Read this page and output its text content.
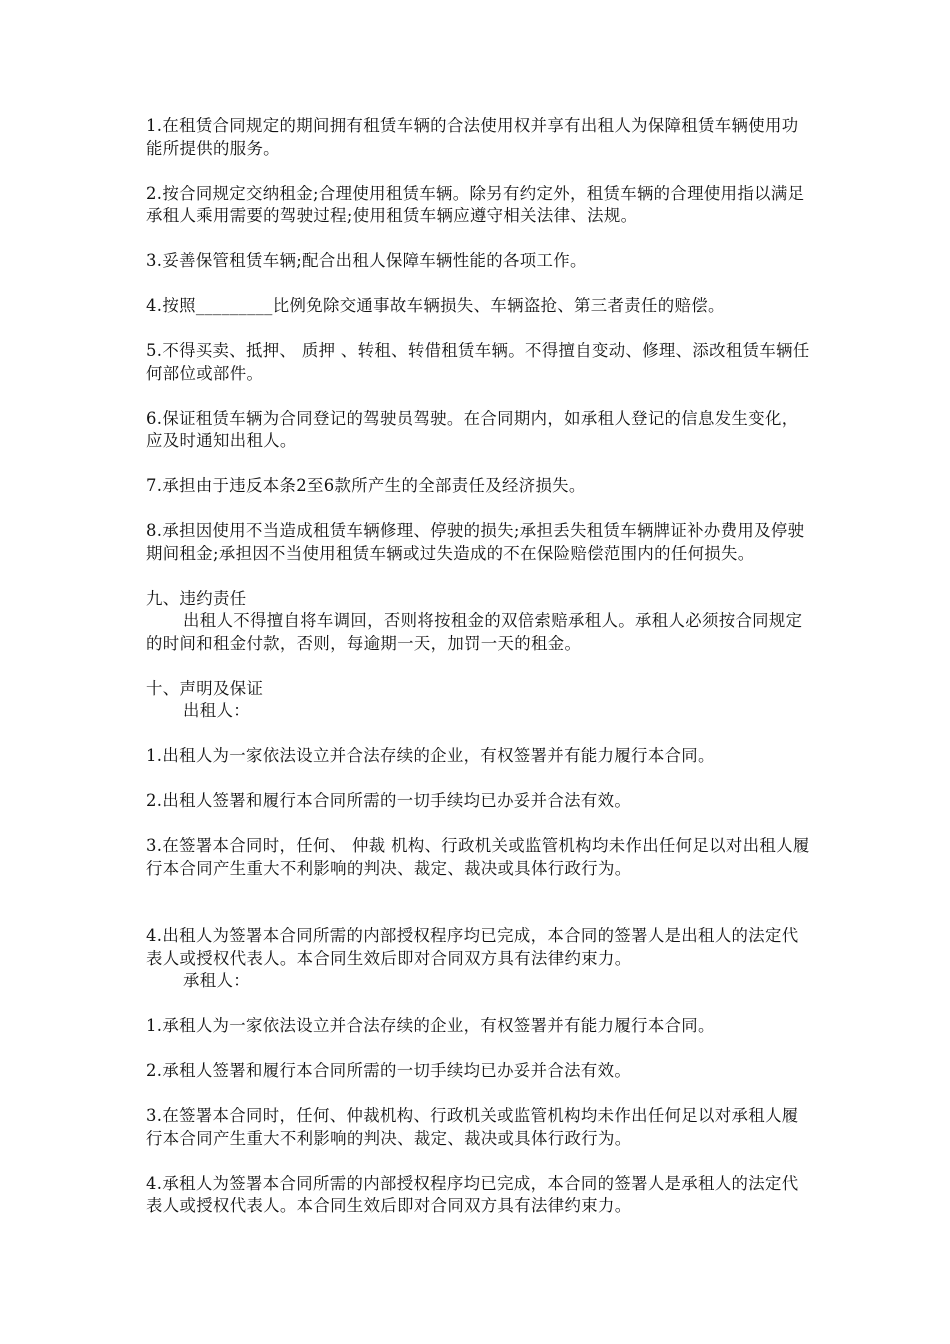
1.在租赁合同规定的期间拥有租赁车辆的合法使用权并享有出租人为保障租赁车辆使用功能所提供的服务。

2.按合同规定交纳租金;合理使用租赁车辆。除另有约定外，租赁车辆的合理使用指以满足承租人乘用需要的驾驶过程;使用租赁车辆应遵守相关法律、法规。

3.妥善保管租赁车辆;配合出租人保障车辆性能的各项工作。

4.按照_________比例免除交通事故车辆损失、车辆盗抢、第三者责任的赔偿。

5.不得买卖、抵押、 质押 、转租、转借租赁车辆。不得擅自变动、修理、添改租赁车辆任何部位或部件。

6.保证租赁车辆为合同登记的驾驶员驾驶。在合同期内，如承租人登记的信息发生变化，应及时通知出租人。

7.承担由于违反本条2至6款所产生的全部责任及经济损失。

8.承担因使用不当造成租赁车辆修理、停驶的损失;承担丢失租赁车辆牌证补办费用及停驶期间租金;承担因不当使用租赁车辆或过失造成的不在保险赔偿范围内的任何损失。

九、违约责任

出租人不得擅自将车调回，否则将按租金的双倍索赔承租人。承租人必须按合同规定的时间和租金付款，否则，每逾期一天，加罚一天的租金。

十、声明及保证

出租人：

1.出租人为一家依法设立并合法存续的企业，有权签署并有能力履行本合同。

2.出租人签署和履行本合同所需的一切手续均已办妥并合法有效。

3.在签署本合同时，任何、 仲裁 机构、行政机关或监管机构均未作出任何足以对出租人履行本合同产生重大不利影响的判决、裁定、裁决或具体行政行为。

4.出租人为签署本合同所需的内部授权程序均已完成，本合同的签署人是出租人的法定代表人或授权代表人。本合同生效后即对合同双方具有法律约束力。

承租人：

1.承租人为一家依法设立并合法存续的企业，有权签署并有能力履行本合同。

2.承租人签署和履行本合同所需的一切手续均已办妥并合法有效。

3.在签署本合同时，任何、仲裁机构、行政机关或监管机构均未作出任何足以对承租人履行本合同产生重大不利影响的判决、裁定、裁决或具体行政行为。

4.承租人为签署本合同所需的内部授权程序均已完成，本合同的签署人是承租人的法定代表人或授权代表人。本合同生效后即对合同双方具有法律约束力。
